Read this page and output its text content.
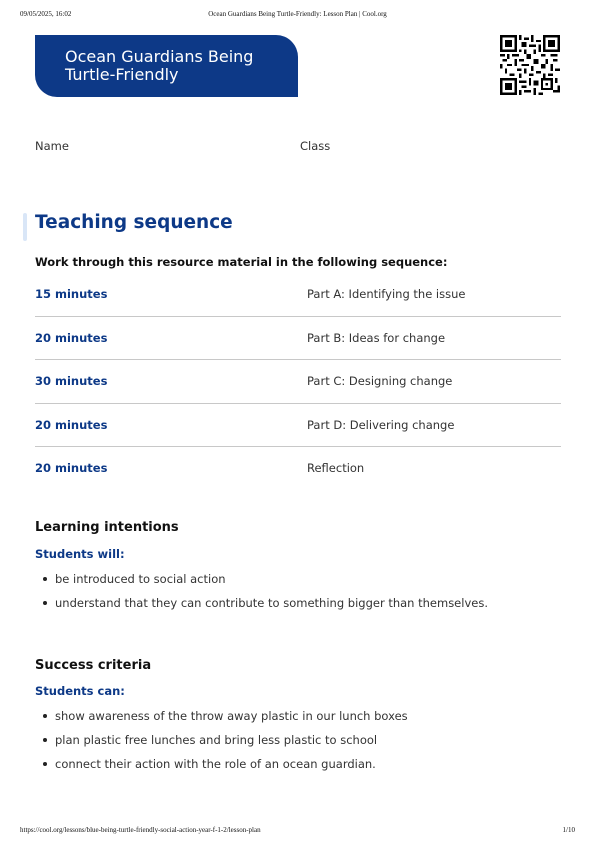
09/05/2025, 16:02	Ocean Guardians Being Turtle-Friendly: Lesson Plan | Cool.org
Ocean Guardians Being
Turtle-Friendly
Name	Class
Teaching sequence
Work through this resource material in the following sequence:
15 minutes	Part A: Identifying the issue
20 minutes	Part B: Ideas for change
30 minutes	Part C: Designing change
20 minutes	Part D: Delivering change
20 minutes	Reflection
Learning intentions
Students will:
be introduced to social action
understand that they can contribute to something bigger than themselves.
Success criteria
Students can:
show awareness of the throw away plastic in our lunch boxes
plan plastic free lunches and bring less plastic to school
connect their action with the role of an ocean guardian.
https://cool.org/lessons/blue-being-turtle-friendly-social-action-year-f-1-2/lesson-plan	1/10
